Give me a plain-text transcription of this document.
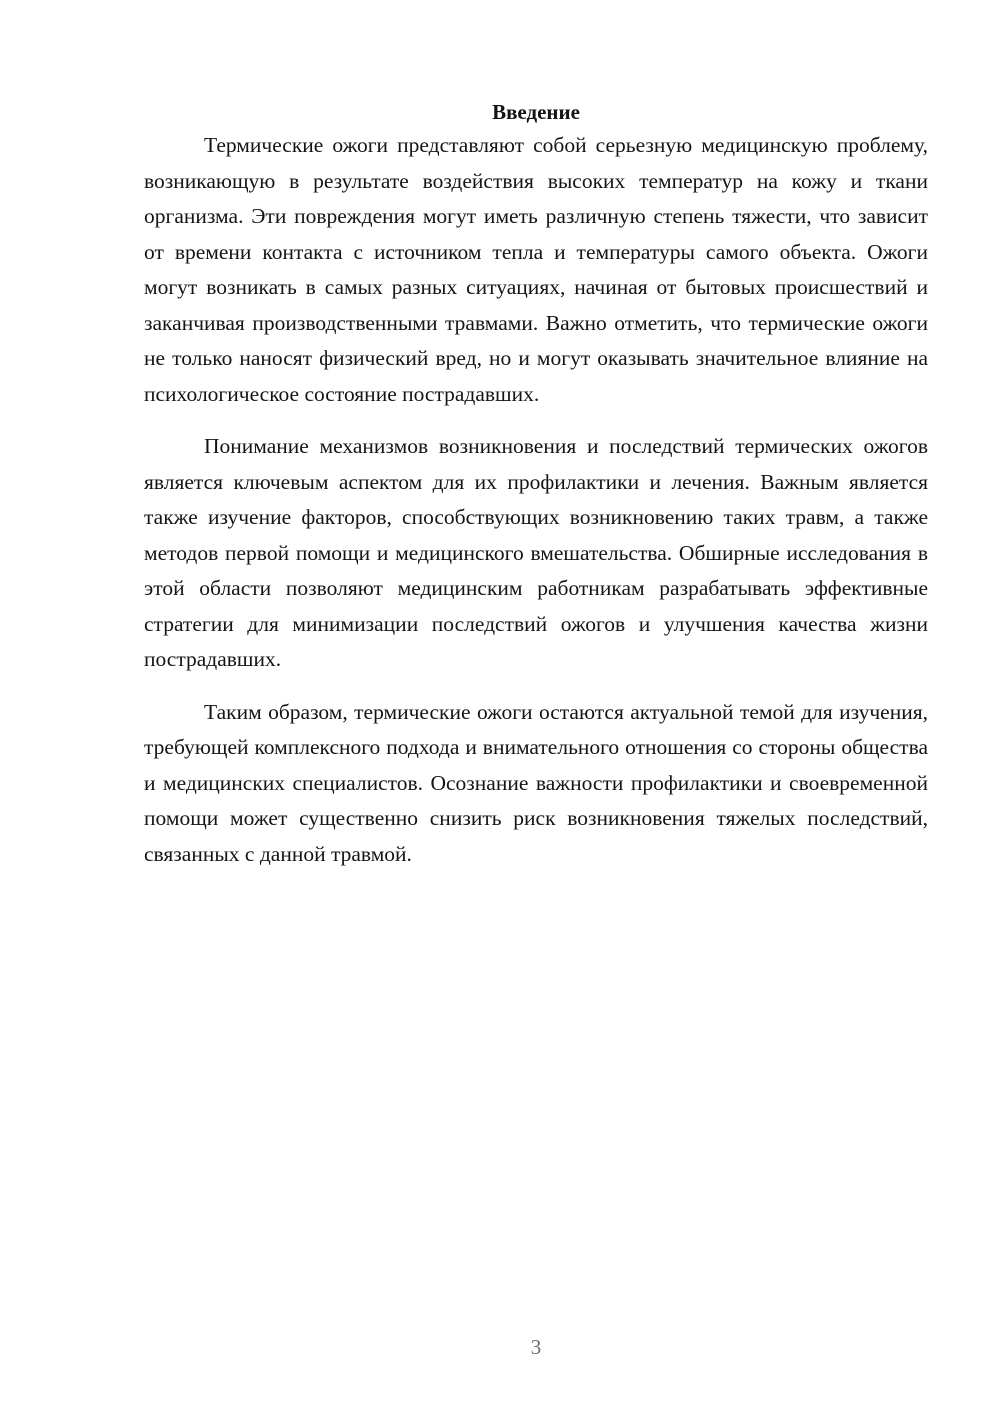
Введение

Термические ожоги представляют собой серьезную медицинскую проблему, возникающую в результате воздействия высоких температур на кожу и ткани организма. Эти повреждения могут иметь различную степень тяжести, что зависит от времени контакта с источником тепла и температуры самого объекта. Ожоги могут возникать в самых разных ситуациях, начиная от бытовых происшествий и заканчивая производственными травмами. Важно отметить, что термические ожоги не только наносят физический вред, но и могут оказывать значительное влияние на психологическое состояние пострадавших.

Понимание механизмов возникновения и последствий термических ожогов является ключевым аспектом для их профилактики и лечения. Важным является также изучение факторов, способствующих возникновению таких травм, а также методов первой помощи и медицинского вмешательства. Обширные исследования в этой области позволяют медицинским работникам разрабатывать эффективные стратегии для минимизации последствий ожогов и улучшения качества жизни пострадавших.

Таким образом, термические ожоги остаются актуальной темой для изучения, требующей комплексного подхода и внимательного отношения со стороны общества и медицинских специалистов. Осознание важности профилактики и своевременной помощи может существенно снизить риск возникновения тяжелых последствий, связанных с данной травмой.

3
